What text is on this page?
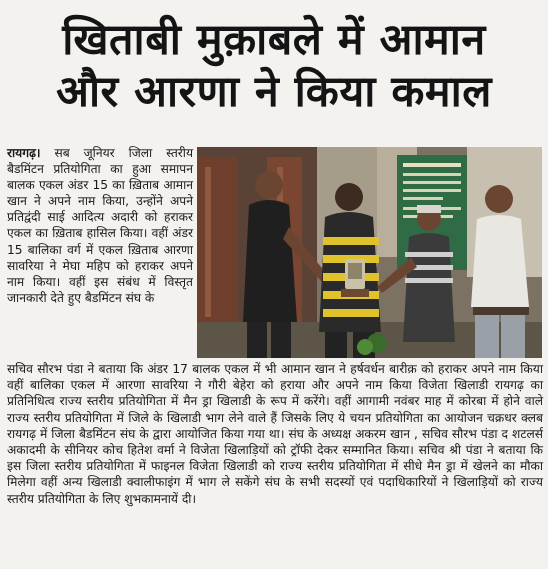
खिताबी मुक़ाबले में आमान
और आरणा ने किया कमाल
रायगढ़। सब जूनियर जिला स्तरीय बैडमिंटन प्रतियोगिता का हुआ समापन बालक एकल अंडर 15 का ख़िताब आमान खान ने अपने नाम किया, उन्होंने अपने प्रतिद्वंदी साई आदित्य अदारी को हराकर एकल का ख़िताब हासिल किया। वहीं अंडर 15 बालिका वर्ग में एकल ख़िताब आरणा सावरिया ने मेघा महिप को हराकर अपने नाम किया। वहीं इस संबंध में विस्तृत जानकारी देते हुए बैडमिंटन संघ के
सचिव सौरभ पंडा ने बताया कि अंडर 17 बालक एकल में भी आमान खान ने हर्षवर्धन बारीक़ को हराकर अपने नाम किया वहीं बालिका एकल में आरणा सावरिया ने गौरी बेहेरा को हराया और अपने नाम किया विजेता खिलाडी रायगढ़ का प्रतिनिधित्व राज्य स्तरीय प्रतियोगिता में मैन ड्रा खिलाडी के रूप में करेंगे। वहीं आगामी नवंबर माह में कोरबा में होने वाले राज्य स्तरीय प्रतियोगिता में जिले के खिलाडी भाग लेने वाले हैं जिसके लिए ये चयन प्रतियोगिता का आयोजन चक्रधर क्लब रायगढ़ में जिला बैडमिंटन संघ के द्वारा आयोजित किया गया था। संघ के अध्यक्ष अकरम खान , सचिव सौरभ पंडा द शटलर्स अकादमी के सीनियर कोच हितेश वर्मा ने विजेता खिलाड़ियों को ट्रॉफी देकर सम्मानित किया। सचिव श्री पंडा ने बताया कि इस जिला स्तरीय प्रतियोगिता में फाइनल विजेता खिलाडी को राज्य स्तरीय प्रतियोगिता में सीधे मैन ड्रा में खेलने का मौका मिलेगा वहीं अन्य खिलाडी क्वालीफाइंग में भाग ले सकेंगे संघ के सभी सदस्यों एवं पदाधिकारियों ने खिलाड़ियों को राज्य स्तरीय प्रतियोगिता के लिए शुभकामनायें दी।
